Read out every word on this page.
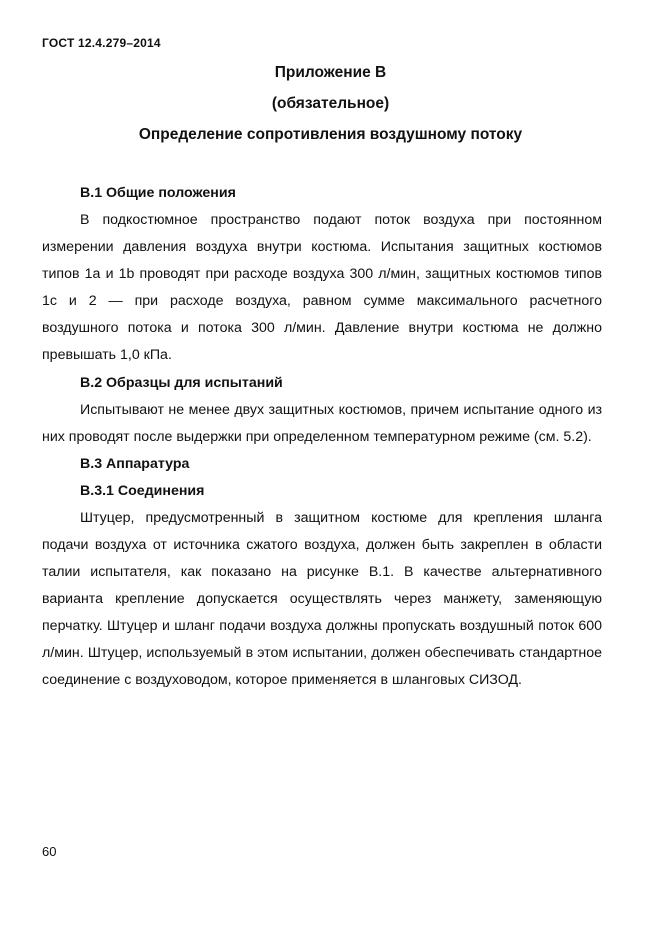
ГОСТ 12.4.279–2014
Приложение В
(обязательное)
Определение сопротивления воздушному потоку

В.1 Общие положения

В подкостюмное пространство подают поток воздуха при постоянном измерении давления воздуха внутри костюма. Испытания защитных костюмов типов 1а и 1b проводят при расходе воздуха 300 л/мин, защитных костюмов типов 1с и 2 — при расходе воздуха, равном сумме максимального расчетного воздушного потока и потока 300 л/мин. Давление внутри костюма не должно превышать 1,0 кПа.

В.2 Образцы для испытаний

Испытывают не менее двух защитных костюмов, причем испытание одного из них проводят после выдержки при определенном температурном режиме (см. 5.2).

В.3 Аппаратура

В.3.1 Соединения

Штуцер, предусмотренный в защитном костюме для крепления шланга подачи воздуха от источника сжатого воздуха, должен быть закреплен в области талии испытателя, как показано на рисунке В.1. В качестве альтернативного варианта крепление допускается осуществлять через манжету, заменяющую перчатку. Штуцер и шланг подачи воздуха должны пропускать воздушный поток 600 л/мин. Штуцер, используемый в этом испытании, должен обеспечивать стандартное соединение с воздуховодом, которое применяется в шланговых СИЗОД.

60
